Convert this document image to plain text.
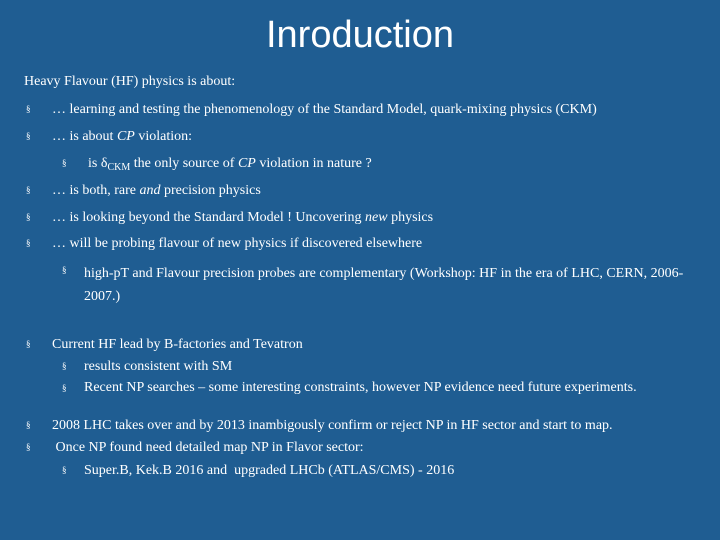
Inroduction
Heavy Flavour (HF) physics is about:
§ … learning and testing the phenomenology of the Standard Model, quark-mixing physics (CKM)
§ … is about CP violation:
§ is $\delta_{CKM}$ the only source of CP violation in nature ?
§ … is both, rare and precision physics
§ … is looking beyond the Standard Model ! Uncovering new physics
§ … will be probing flavour of new physics if discovered elsewhere
§ high-pT and Flavour precision probes are complementary (Workshop: HF in the era of LHC, CERN, 2006-2007.)
§ Current HF lead by B-factories and Tevatron
§ results consistent with SM
§ Recent NP searches – some interesting constraints, however NP evidence need future experiments.
§ 2008 LHC takes over and by 2013 inambigously confirm or reject NP in HF sector and start to map.
§ Once NP found need detailed map NP in Flavor sector:
§ Super.B, Kek.B 2016 and  upgraded LHCb (ATLAS/CMS) - 2016
